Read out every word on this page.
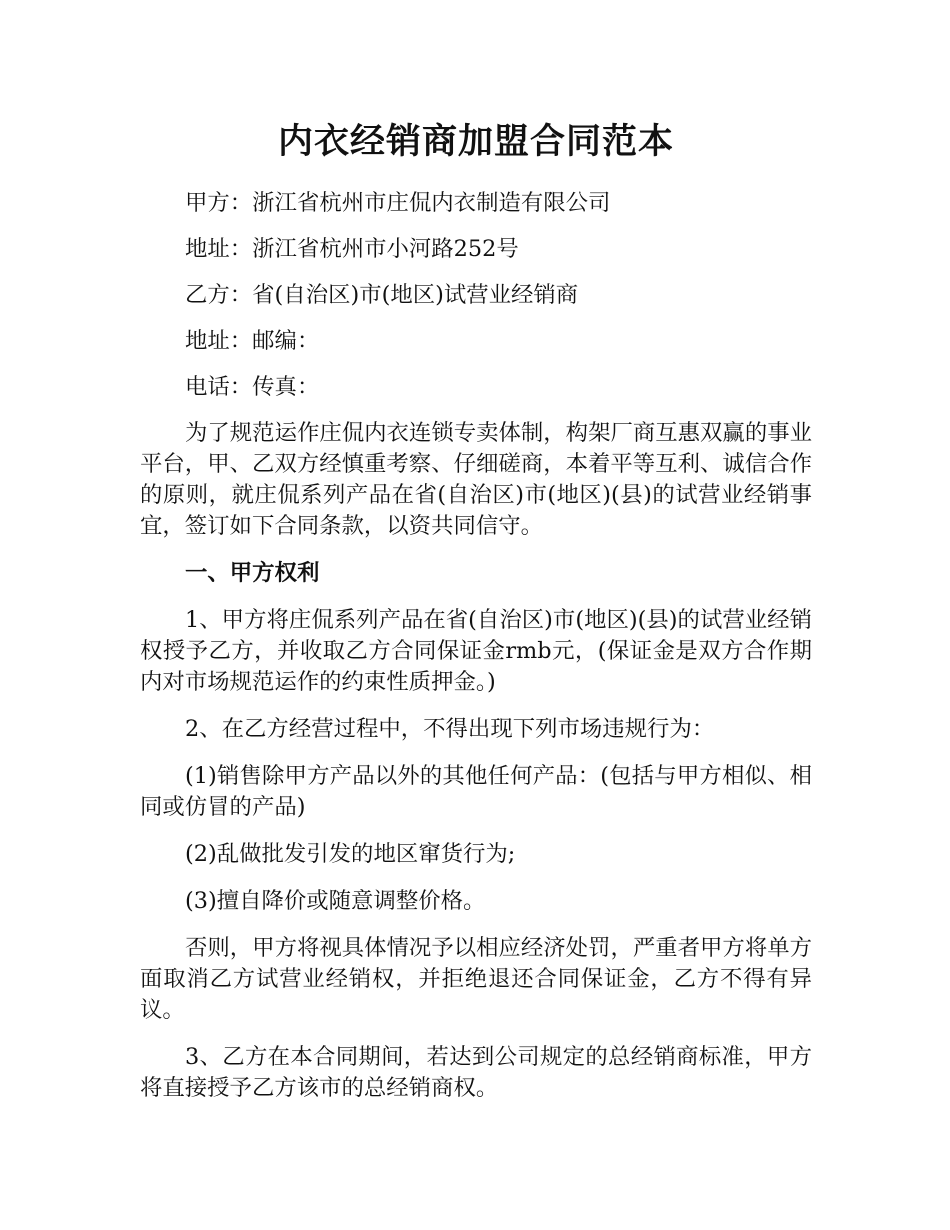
内衣经销商加盟合同范本

甲方：浙江省杭州市庄侃内衣制造有限公司

地址：浙江省杭州市小河路252号

乙方：省(自治区)市(地区)试营业经销商

地址：邮编：

电话：传真：

为了规范运作庄侃内衣连锁专卖体制，构架厂商互惠双赢的事业平台，甲、乙双方经慎重考察、仔细磋商，本着平等互利、诚信合作的原则，就庄侃系列产品在省(自治区)市(地区)(县)的试营业经销事宜，签订如下合同条款，以资共同信守。

一、甲方权利

1、甲方将庄侃系列产品在省(自治区)市(地区)(县)的试营业经销权授予乙方，并收取乙方合同保证金rmb元，(保证金是双方合作期内对市场规范运作的约束性质押金。)

2、在乙方经营过程中，不得出现下列市场违规行为：

(1)销售除甲方产品以外的其他任何产品：(包括与甲方相似、相同或仿冒的产品)

(2)乱做批发引发的地区窜货行为;

(3)擅自降价或随意调整价格。

否则，甲方将视具体情况予以相应经济处罚，严重者甲方将单方面取消乙方试营业经销权，并拒绝退还合同保证金，乙方不得有异议。

3、乙方在本合同期间，若达到公司规定的总经销商标准，甲方将直接授予乙方该市的总经销商权。
